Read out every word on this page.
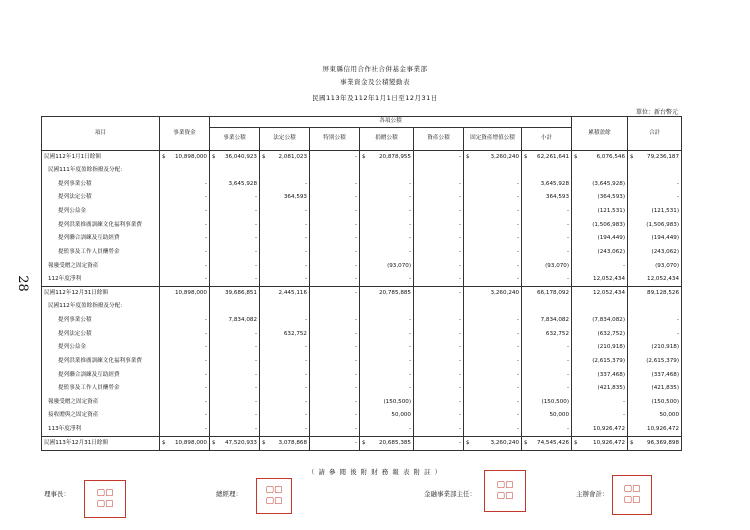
屏東縣信用合作社合併基金事業部
事業資金及公積變動表
民國113年及112年1月1日至12月31日
單位：新台幣元
28
項目	事業資金	各項公積							累積盈餘	合計
		事業公積	法定公積	特別公積	捐贈公積	資產公積	固定資產增值公積	小計		
民國112年1月1日餘額	$ 10,898,000	$ 36,040,923	$ 2,081,023	-	$ 20,878,955	-	$ 3,260,240	$ 62,261,641	$ 6,076,546	$ 79,236,187
民國111年度盈餘指撥及分配：										
提列事業公積	-	3,645,928	-	-	-	-	-	3,645,928	(3,645,928)	-
提列法定公積	-	-	364,593	-	-	-	-	364,593	(364,593)	-
提列公益金	-	-	-	-	-	-	-	-	(121,531)	(121,531)
提列洪業推廣訓練文化福利事業費	-	-	-	-	-	-	-	-	(1,506,983)	(1,506,983)
提列聯合訓練及互助經費	-	-	-	-	-	-	-	-	(194,449)	(194,449)
提監事及工作人員酬勞金	-	-	-	-	-	-	-	-	(243,062)	(243,062)
報廢受贈之固定資產	-	-	-	-	(93,070)	-	-	(93,070)	-	(93,070)
112年度淨利	-	-	-	-	-	-	-	-	12,052,434	12,052,434
民國112年12月31日餘額	10,898,000	39,686,851	2,445,116	-	20,785,885	-	3,260,240	66,178,092	12,052,434	89,128,526
民國112年度盈餘指撥及分配：										
提列事業公積	-	7,834,082	-	-	-	-	-	7,834,082	(7,834,082)	-
提列法定公積	-	-	632,752	-	-	-	-	632,752	(632,752)	-
提列公益金	-	-	-	-	-	-	-	-	(210,918)	(210,918)
提列洪業推廣訓練文化福利事業費	-	-	-	-	-	-	-	-	(2,615,379)	(2,615,379)
提列聯合訓練及互助經費	-	-	-	-	-	-	-	-	(337,468)	(337,468)
提監事及工作人員酬勞金	-	-	-	-	-	-	-	-	(421,835)	(421,835)
報廢受贈之固定資產	-	-	-	-	(150,500)	-	-	(150,500)	-	(150,500)
接收贈與之固定資產	-	-	-	-	50,000	-	-	50,000	-	50,000
113年度淨利	-	-	-	-	-	-	-	-	10,926,472	10,926,472
民國113年12月31日餘額	$ 10,898,000	$ 47,520,933	$ 3,078,868	-	$ 20,685,385	-	$ 3,260,240	$ 74,545,426	$ 10,926,472	$ 96,369,898
（ 請 參 閱 後 附 財 務 報 表 附 註 ）
理事長：	▢▢
▢▢
總經理：	▢▢
▢▢
金融事業部主任：
▢▢
▢▢	主辦會計：	▢▢
▢▢
